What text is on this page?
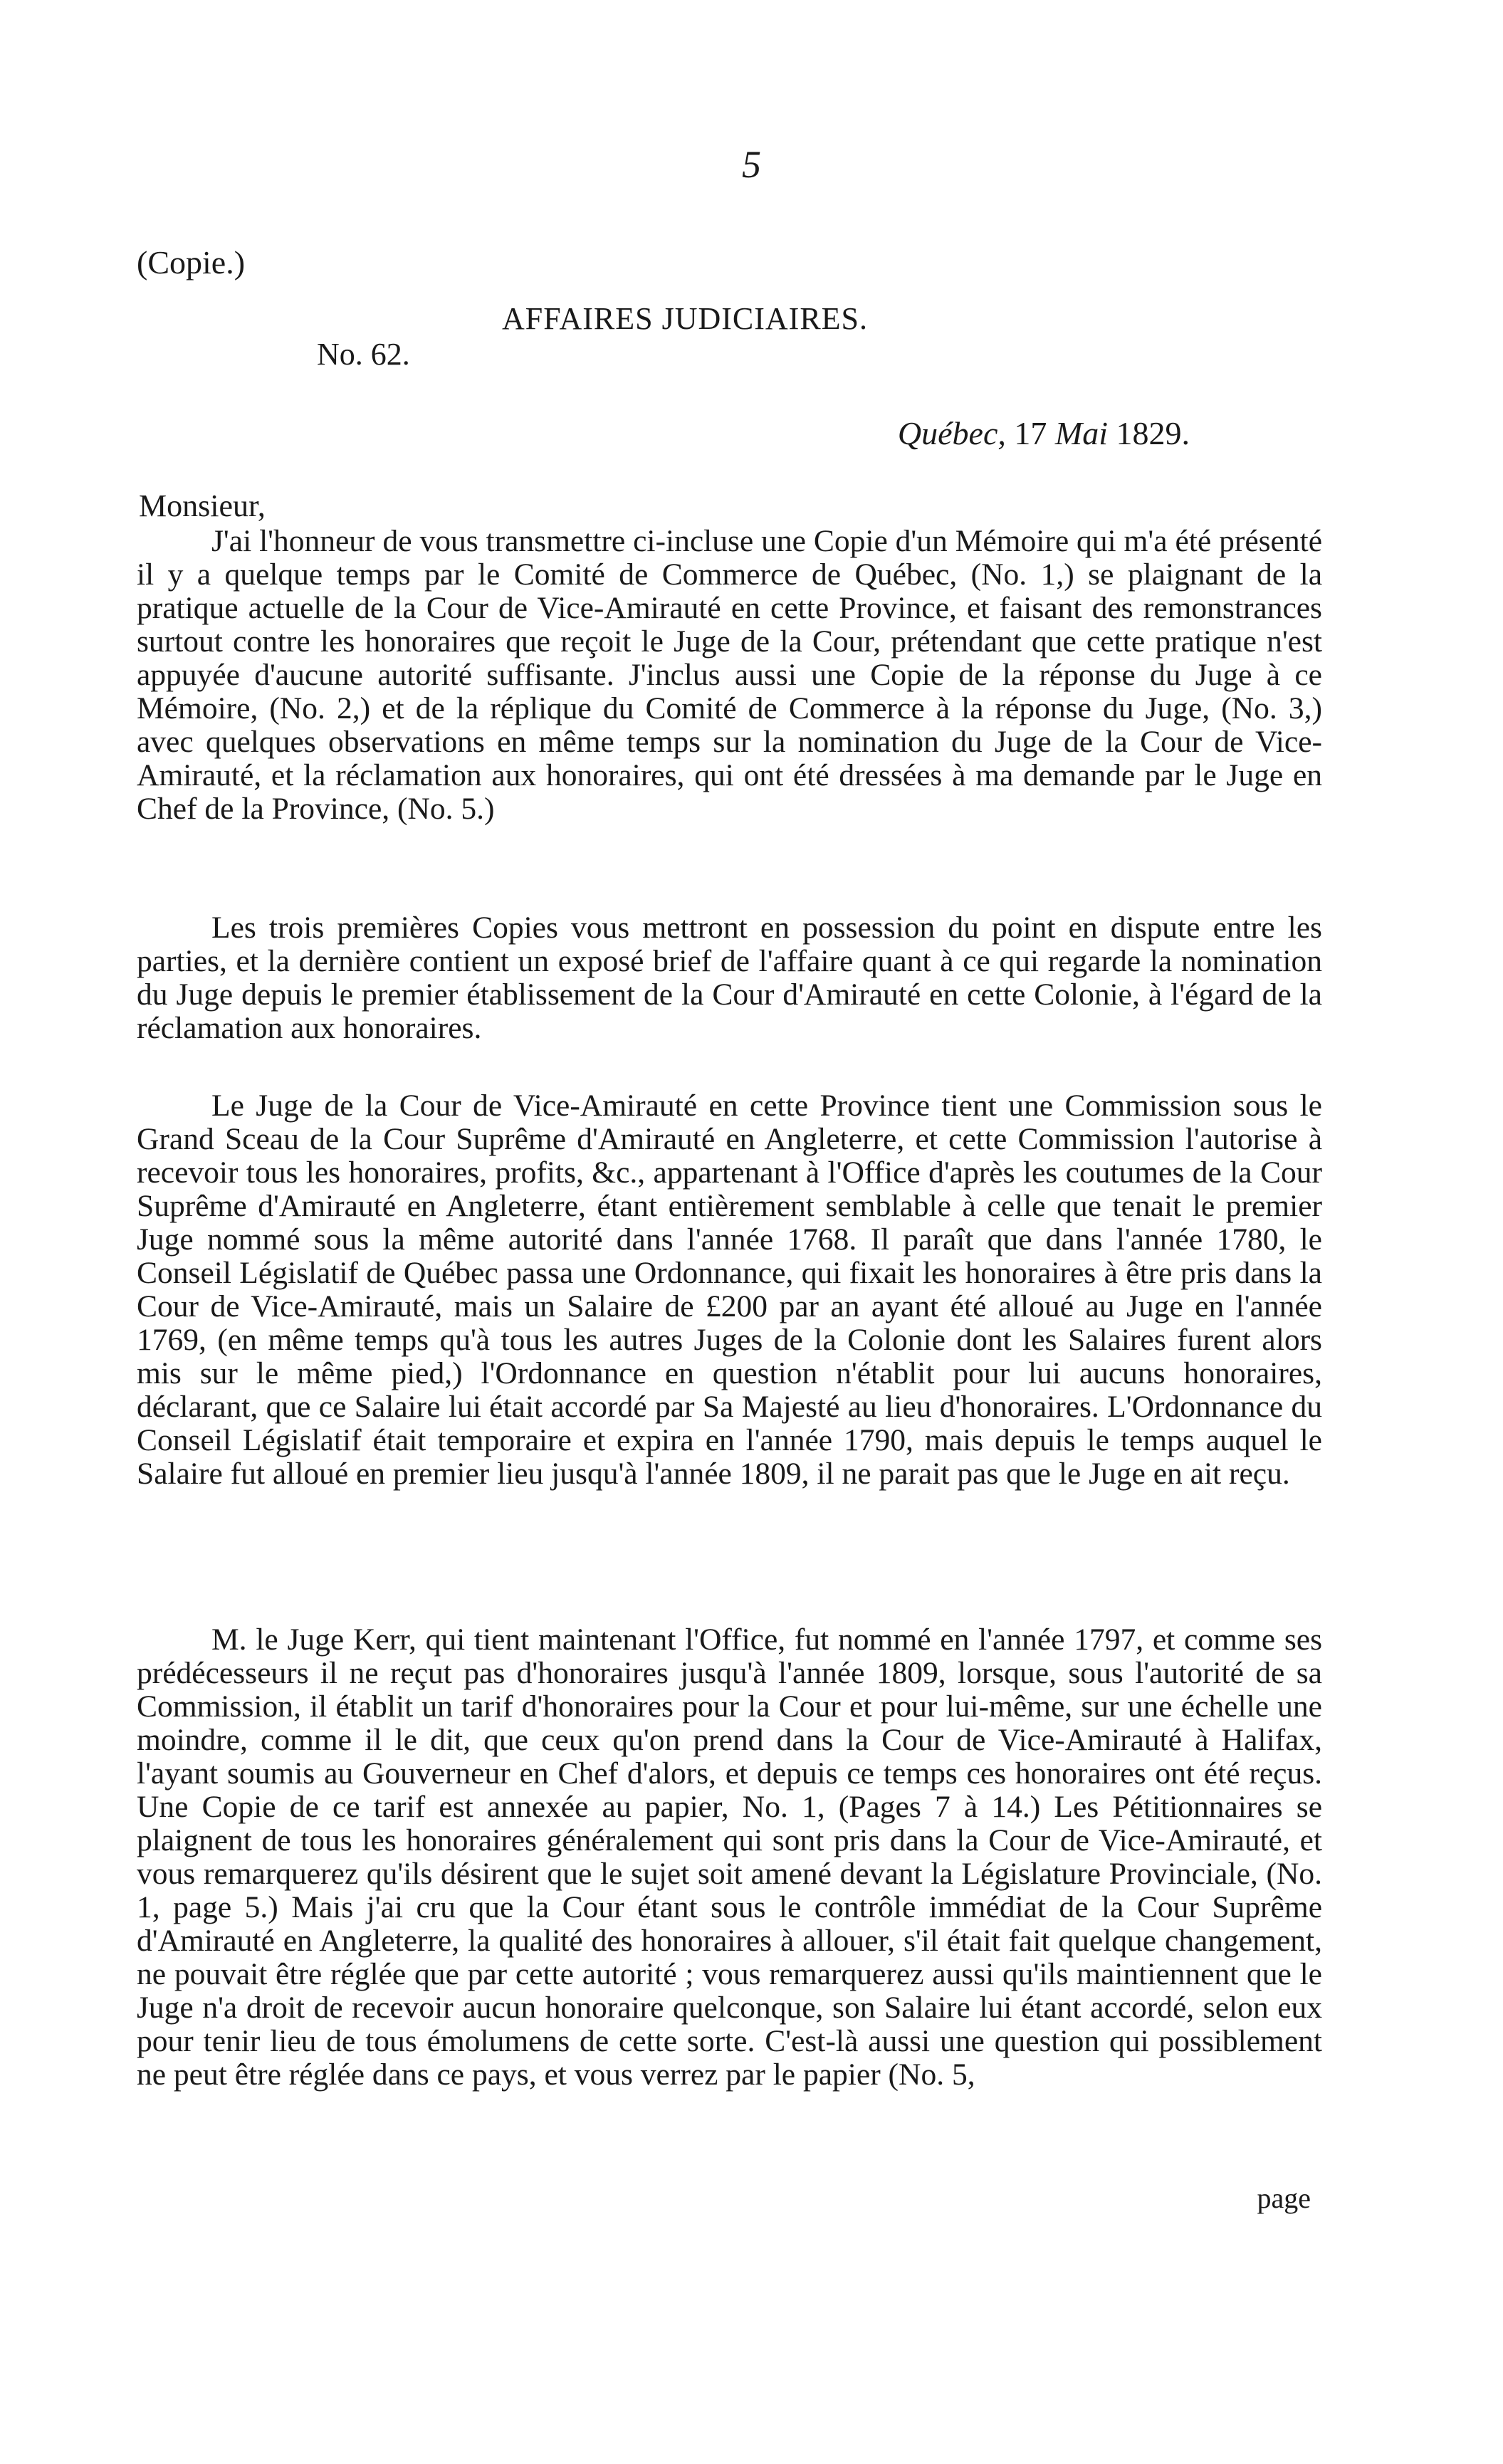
5
(Copie.)
AFFAIRES JUDICIAIRES.
No. 62.
Québec, 17 Mai 1829.
Monsieur,

J'ai l'honneur de vous transmettre ci-incluse une Copie d'un Mémoire qui m'a été présenté il y a quelque temps par le Comité de Commerce de Québec, (No. 1,) se plaignant de la pratique actuelle de la Cour de Vice-Amirauté en cette Province, et faisant des remonstrances surtout contre les honoraires que reçoit le Juge de la Cour, prétendant que cette pratique n'est appuyée d'aucune autorité suffisante. J'inclus aussi une Copie de la réponse du Juge à ce Mémoire, (No. 2,) et de la réplique du Comité de Commerce à la réponse du Juge, (No. 3,) avec quelques observations en même temps sur la nomination du Juge de la Cour de Vice-Amirauté, et la réclamation aux honoraires, qui ont été dressées à ma demande par le Juge en Chef de la Province, (No. 5.)

Les trois premières Copies vous mettront en possession du point en dispute entre les parties, et la dernière contient un exposé brief de l'affaire quant à ce qui regarde la nomination du Juge depuis le premier établissement de la Cour d'Amirauté en cette Colonie, à l'égard de la réclamation aux honoraires.

Le Juge de la Cour de Vice-Amirauté en cette Province tient une Commission sous le Grand Sceau de la Cour Suprême d'Amirauté en Angleterre, et cette Commission l'autorise à recevoir tous les honoraires, profits, &c., appartenant à l'Office d'après les coutumes de la Cour Suprême d'Amirauté en Angleterre, étant entièrement semblable à celle que tenait le premier Juge nommé sous la même autorité dans l'année 1768. Il paraît que dans l'année 1780, le Conseil Législatif de Québec passa une Ordonnance, qui fixait les honoraires à être pris dans la Cour de Vice-Amirauté, mais un Salaire de £200 par an ayant été alloué au Juge en l'année 1769, (en même temps qu'à tous les autres Juges de la Colonie dont les Salaires furent alors mis sur le même pied,) l'Ordonnance en question n'établit pour lui aucuns honoraires, déclarant, que ce Salaire lui était accordé par Sa Majesté au lieu d'honoraires. L'Ordonnance du Conseil Législatif était temporaire et expira en l'année 1790, mais depuis le temps auquel le Salaire fut alloué en premier lieu jusqu'à l'année 1809, il ne parait pas que le Juge en ait reçu.

M. le Juge Kerr, qui tient maintenant l'Office, fut nommé en l'année 1797, et comme ses prédécesseurs il ne reçut pas d'honoraires jusqu'à l'année 1809, lorsque, sous l'autorité de sa Commission, il établit un tarif d'honoraires pour la Cour et pour lui-même, sur une échelle une moindre, comme il le dit, que ceux qu'on prend dans la Cour de Vice-Amirauté à Halifax, l'ayant soumis au Gouverneur en Chef d'alors, et depuis ce temps ces honoraires ont été reçus. Une Copie de ce tarif est annexée au papier, No. 1, (Pages 7 à 14.) Les Pétitionnaires se plaignent de tous les honoraires généralement qui sont pris dans la Cour de Vice-Amirauté, et vous remarquerez qu'ils désirent que le sujet soit amené devant la Législature Provinciale, (No. 1, page 5.) Mais j'ai cru que la Cour étant sous le contrôle immédiat de la Cour Suprême d'Amirauté en Angleterre, la qualité des honoraires à allouer, s'il était fait quelque changement, ne pouvait être réglée que par cette autorité ; vous remarquerez aussi qu'ils maintiennent que le Juge n'a droit de recevoir aucun honoraire quelconque, son Salaire lui étant accordé, selon eux pour tenir lieu de tous émolumens de cette sorte. C'est-là aussi une question qui possiblement ne peut être réglée dans ce pays, et vous verrez par le papier (No. 5,

page
